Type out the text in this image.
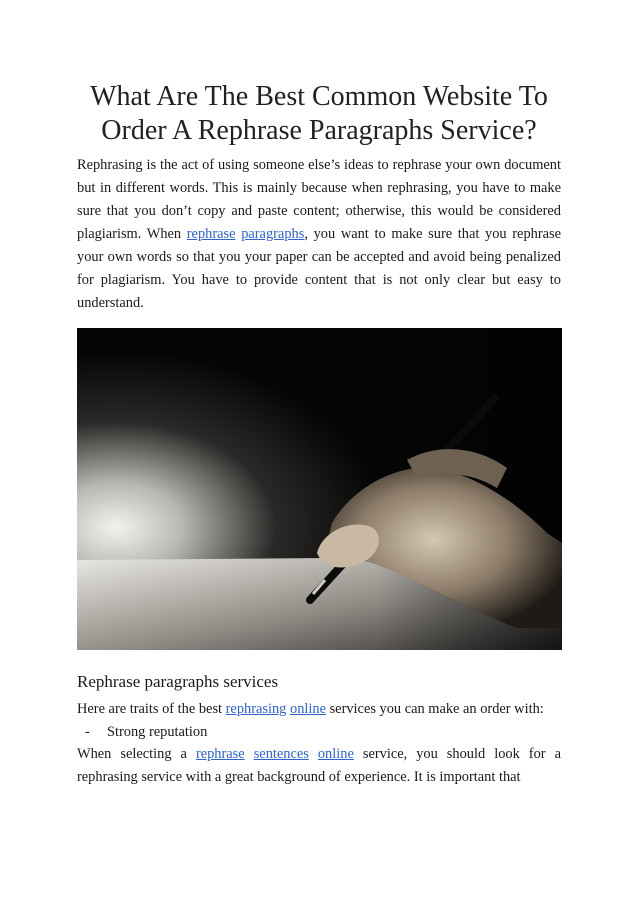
What Are The Best Common Website To Order A Rephrase Paragraphs Service?

Rephrasing is the act of using someone else’s ideas to rephrase your own document but in different words. This is mainly because when rephrasing, you have to make sure that you don’t copy and paste content; otherwise, this would be considered plagiarism. When rephrase paragraphs, you want to make sure that you rephrase your own words so that you your paper can be accepted and avoid being penalized for plagiarism. You have to provide content that is not only clear but easy to understand.

Rephrase paragraphs services

Here are traits of the best rephrasing online services you can make an order with:

- Strong reputation

When selecting a rephrase sentences online service, you should look for a rephrasing service with a great background of experience. It is important that
